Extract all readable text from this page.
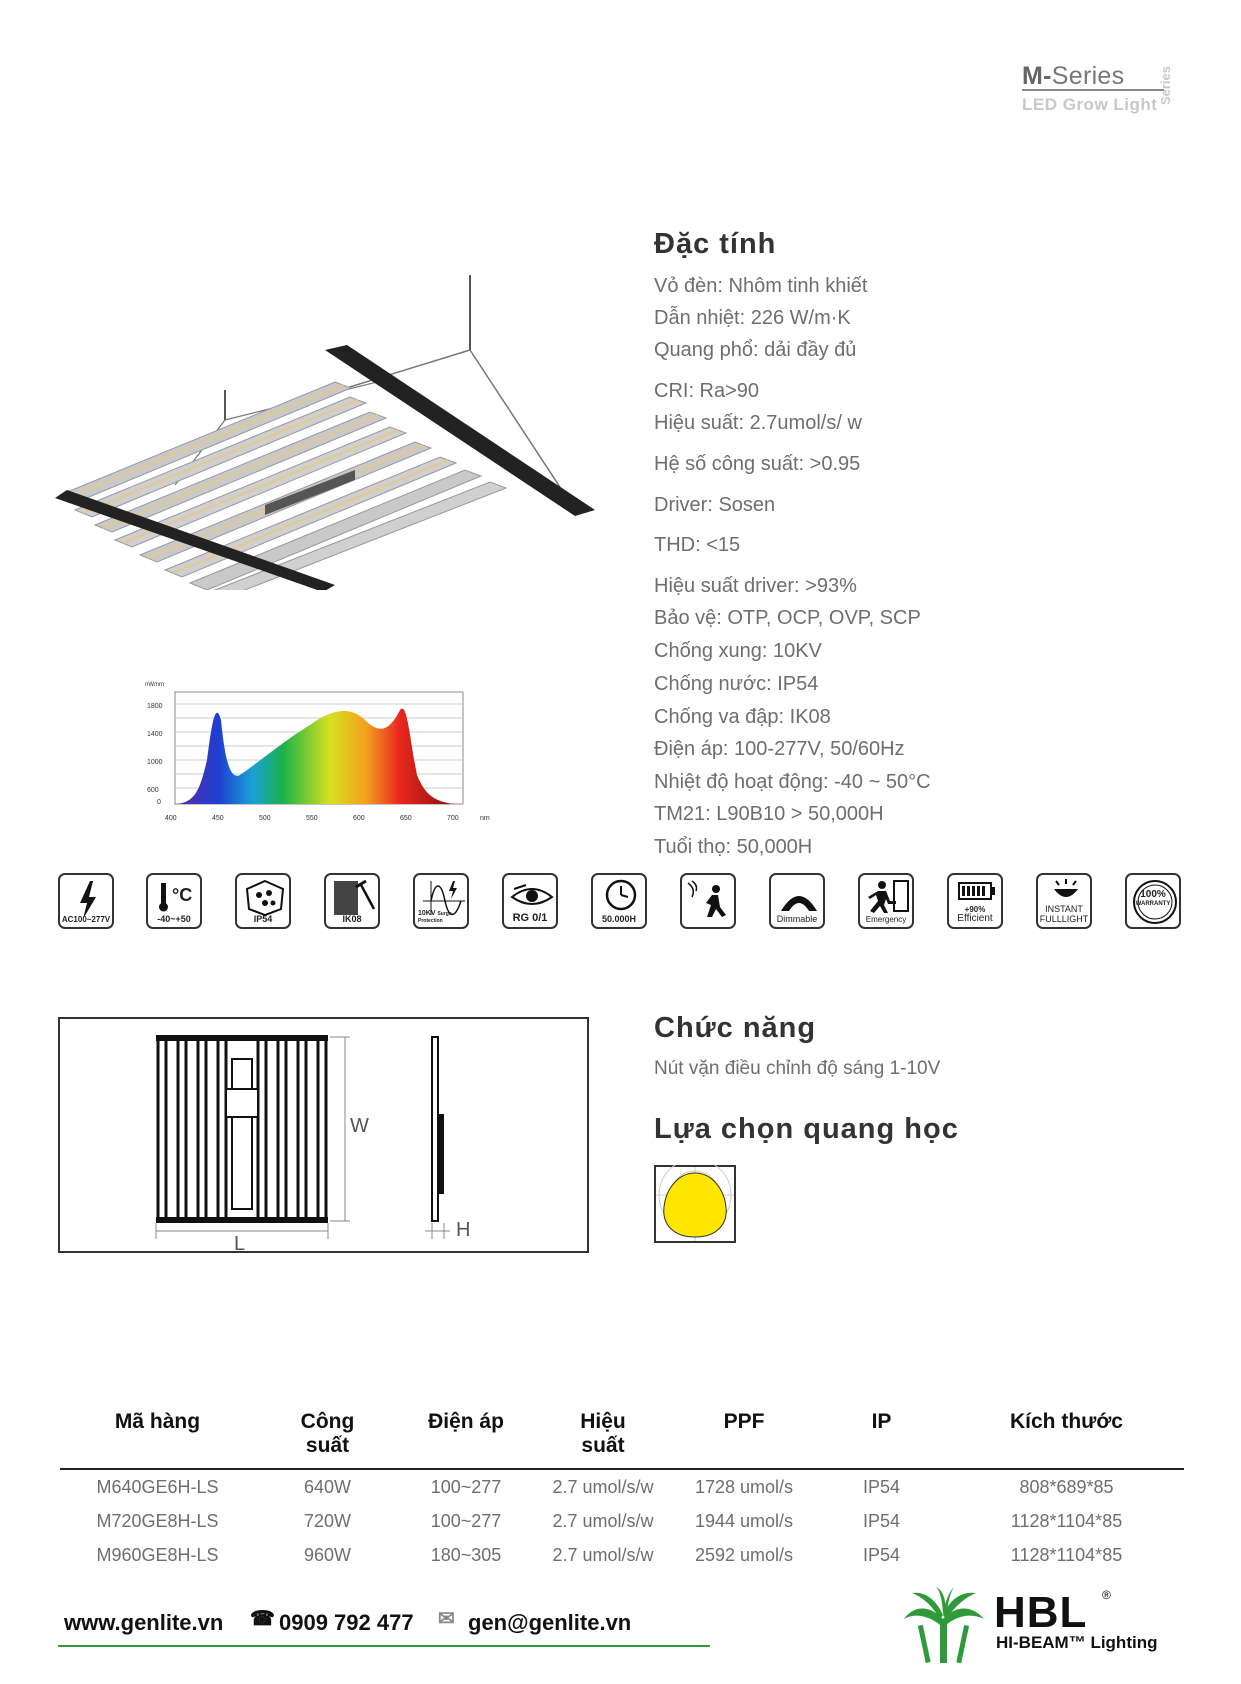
M-Series
LED Grow Light Series
nW/nm
1800
1400
1000
600
0
400	450	500	550	600	650	700	nm
Đặc tính
Vỏ đèn: Nhôm tinh khiết
Dẫn nhiệt: 226 W/m·K
Quang phổ: dải đầy đủ
CRI: Ra>90
Hiệu suất: 2.7umol/s/ w
Hệ số công suất: >0.95
Driver: Sosen
THD: <15
Hiệu suất driver: >93%
Bảo vệ: OTP, OCP, OVP, SCP
Chống xung: 10KV
Chống nước: IP54
Chống va đập: IK08
Điện áp: 100-277V, 50/60Hz
Nhiệt độ hoạt động: -40 ~ 50°C
TM21: L90B10 > 50,000H
Tuổi thọ: 50,000H
AC100~277V
°C
-40~+50	IP54	IK08
10KV Surge Protection	RG 0/1	50.000H	Dimmable	Emergency
+90%
Efficient
INSTANT
FULLLIGHT
100%
WARRANTY
W
L
H
Chức năng
Nút vặn điều chỉnh độ sáng 1-10V
Lựa chọn quang học
Mã hàng	Công
suất	Điện áp	Hiệu
suất	PPF	IP	Kích thước
M640GE6H-LS	640W	100~277	2.7 umol/s/w	1728 umol/s	IP54	808*689*85
M720GE8H-LS	720W	100~277	2.7 umol/s/w	1944 umol/s	IP54	1128*1104*85
M960GE8H-LS	960W	180~305	2.7 umol/s/w	2592 umol/s	IP54	1128*1104*85
www.genlite.vn ☎ 0909 792 477 ✉ gen@genlite.vn	HBL ®
HI-BEAM™ Lighting
